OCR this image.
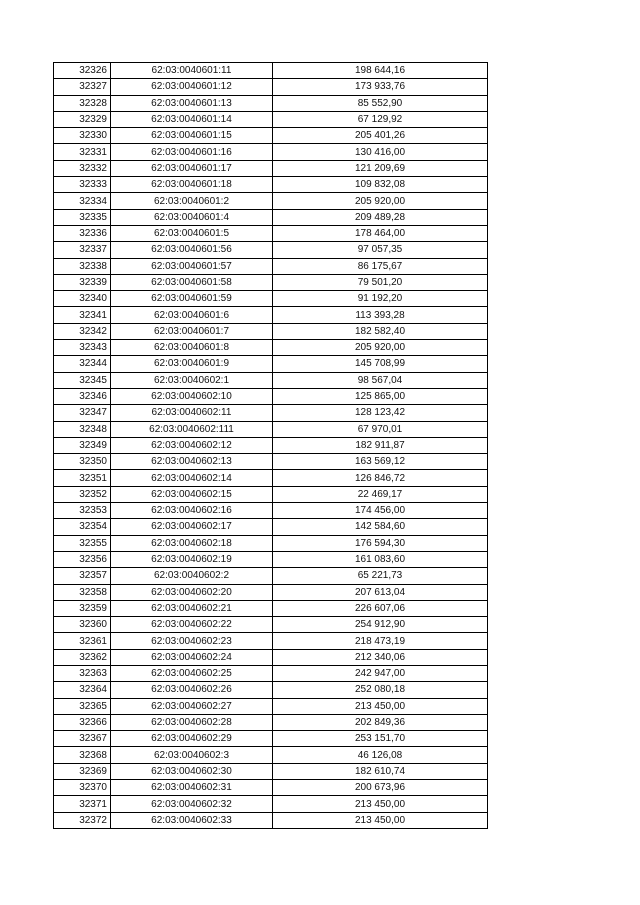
32326	62:03:0040601:11	198 644,16
32327	62:03:0040601:12	173 933,76
32328	62:03:0040601:13	85 552,90
32329	62:03:0040601:14	67 129,92
32330	62:03:0040601:15	205 401,26
32331	62:03:0040601:16	130 416,00
32332	62:03:0040601:17	121 209,69
32333	62:03:0040601:18	109 832,08
32334	62:03:0040601:2	205 920,00
32335	62:03:0040601:4	209 489,28
32336	62:03:0040601:5	178 464,00
32337	62:03:0040601:56	97 057,35
32338	62:03:0040601:57	86 175,67
32339	62:03:0040601:58	79 501,20
32340	62:03:0040601:59	91 192,20
32341	62:03:0040601:6	113 393,28
32342	62:03:0040601:7	182 582,40
32343	62:03:0040601:8	205 920,00
32344	62:03:0040601:9	145 708,99
32345	62:03:0040602:1	98 567,04
32346	62:03:0040602:10	125 865,00
32347	62:03:0040602:11	128 123,42
32348	62:03:0040602:111	67 970,01
32349	62:03:0040602:12	182 911,87
32350	62:03:0040602:13	163 569,12
32351	62:03:0040602:14	126 846,72
32352	62:03:0040602:15	22 469,17
32353	62:03:0040602:16	174 456,00
32354	62:03:0040602:17	142 584,60
32355	62:03:0040602:18	176 594,30
32356	62:03:0040602:19	161 083,60
32357	62:03:0040602:2	65 221,73
32358	62:03:0040602:20	207 613,04
32359	62:03:0040602:21	226 607,06
32360	62:03:0040602:22	254 912,90
32361	62:03:0040602:23	218 473,19
32362	62:03:0040602:24	212 340,06
32363	62:03:0040602:25	242 947,00
32364	62:03:0040602:26	252 080,18
32365	62:03:0040602:27	213 450,00
32366	62:03:0040602:28	202 849,36
32367	62:03:0040602:29	253 151,70
32368	62:03:0040602:3	46 126,08
32369	62:03:0040602:30	182 610,74
32370	62:03:0040602:31	200 673,96
32371	62:03:0040602:32	213 450,00
32372	62:03:0040602:33	213 450,00
